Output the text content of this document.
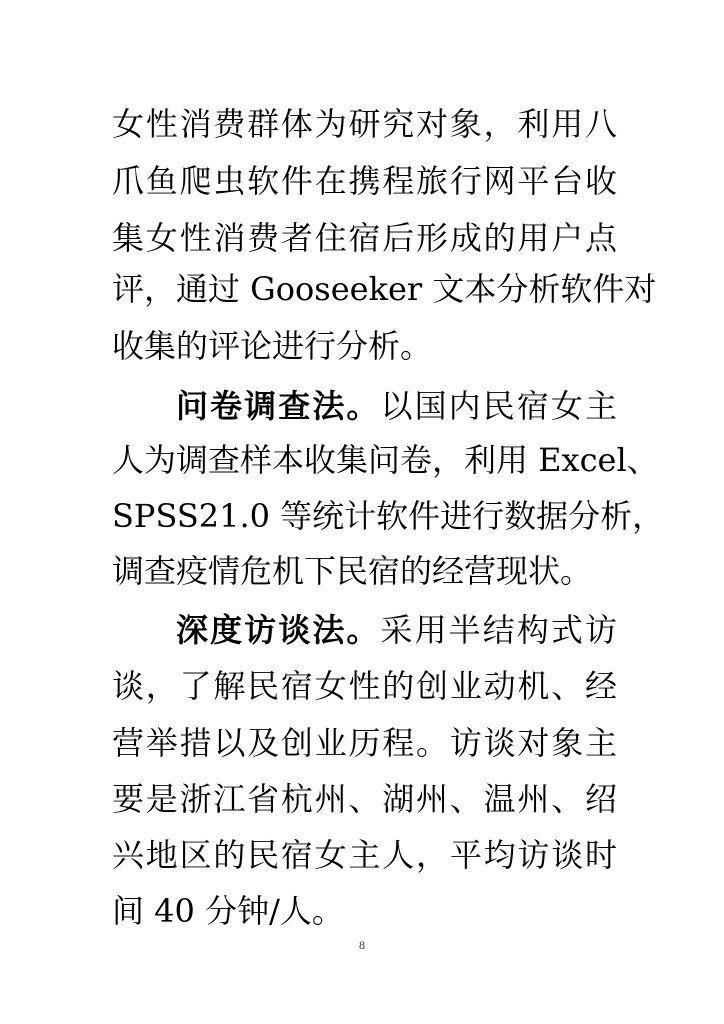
女性消费群体为研究对象，利用八
爪鱼爬虫软件在携程旅行网平台收
集女性消费者住宿后形成的用户点
评，通过 Gooseeker 文本分析软件对
收集的评论进行分析。
问卷调查法。以国内民宿女主
人为调查样本收集问卷，利用 Excel、
SPSS21.0 等统计软件进行数据分析，
调查疫情危机下民宿的经营现状。
深度访谈法。采用半结构式访
谈，了解民宿女性的创业动机、经
营举措以及创业历程。访谈对象主
要是浙江省杭州、湖州、温州、绍
兴地区的民宿女主人，平均访谈时
间 40 分钟/人。
8
